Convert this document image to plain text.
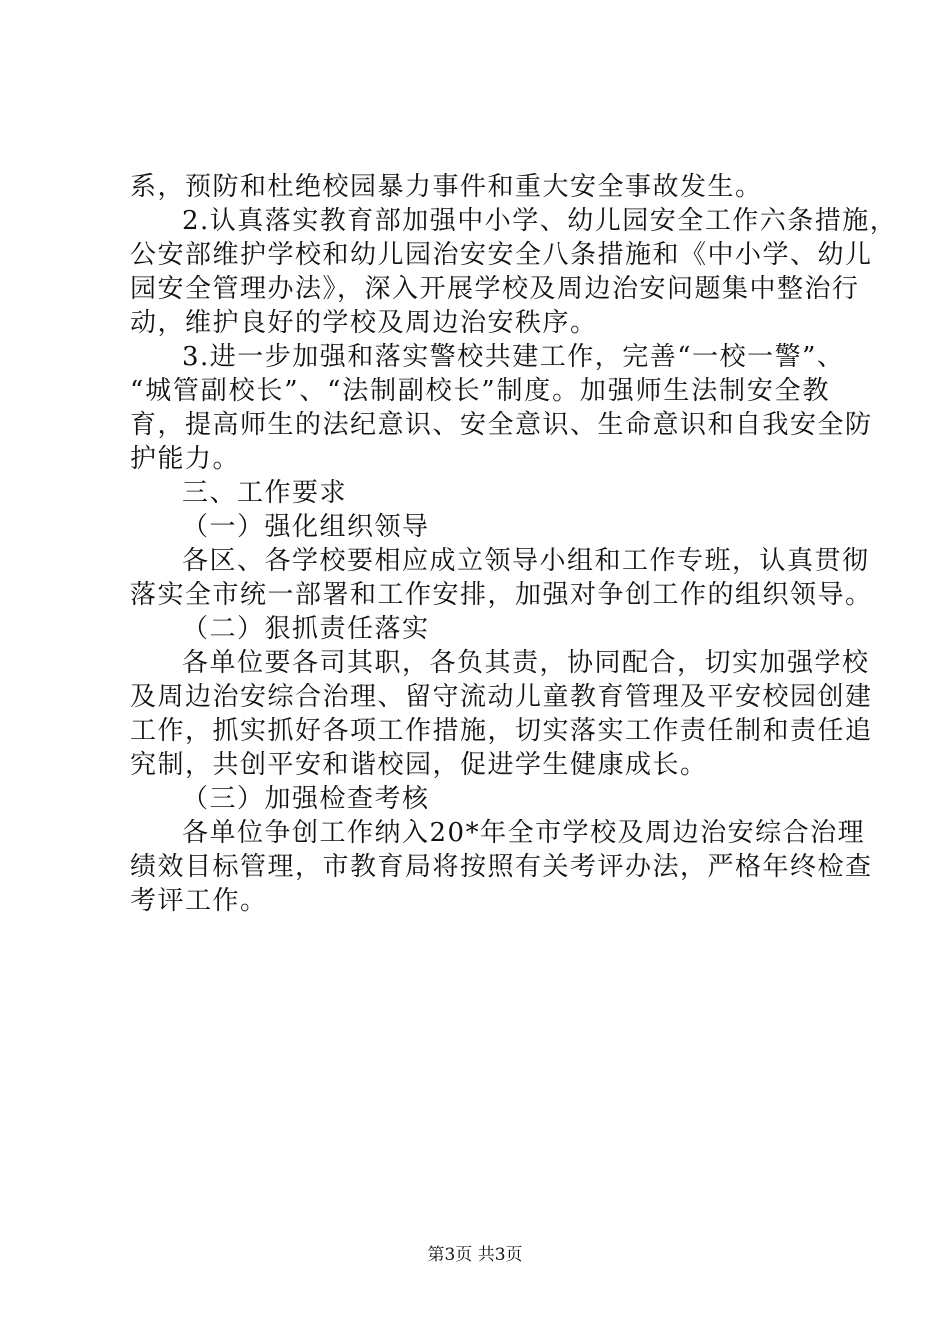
系，预防和杜绝校园暴力事件和重大安全事故发生。
2.认真落实教育部加强中小学、幼儿园安全工作六条措施，
公安部维护学校和幼儿园治安安全八条措施和《中小学、幼儿
园安全管理办法》，深入开展学校及周边治安问题集中整治行
动，维护良好的学校及周边治安秩序。
3.进一步加强和落实警校共建工作，完善“一校一警”、
“城管副校长”、“法制副校长”制度。加强师生法制安全教
育，提高师生的法纪意识、安全意识、生命意识和自我安全防
护能力。
三、工作要求
（一）强化组织领导
各区、各学校要相应成立领导小组和工作专班，认真贯彻
落实全市统一部署和工作安排，加强对争创工作的组织领导。
（二）狠抓责任落实
各单位要各司其职，各负其责，协同配合，切实加强学校
及周边治安综合治理、留守流动儿童教育管理及平安校园创建
工作，抓实抓好各项工作措施，切实落实工作责任制和责任追
究制，共创平安和谐校园，促进学生健康成长。
（三）加强检查考核
各单位争创工作纳入20*年全市学校及周边治安综合治理
绩效目标管理，市教育局将按照有关考评办法，严格年终检查
考评工作。
第3页 共3页
